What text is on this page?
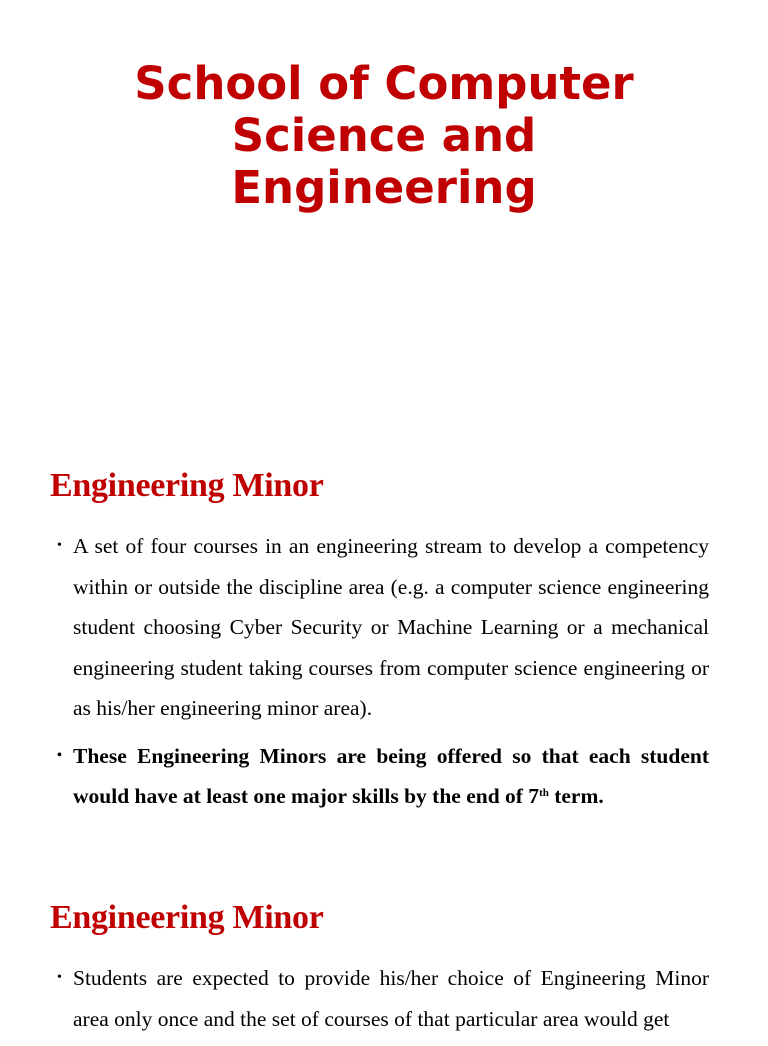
School of Computer
Science and
Engineering
Engineering Minor
• A set of four courses in an engineering stream to develop a competency within or outside the discipline area (e.g. a computer science engineering student choosing Cyber Security or Machine Learning or a mechanical engineering student taking courses from computer science engineering or as his/her engineering minor area).
• These Engineering Minors are being offered so that each student would have at least one major skills by the end of 7th term.
Engineering Minor
• Students are expected to provide his/her choice of Engineering Minor area only once and the set of courses of that particular area would get
